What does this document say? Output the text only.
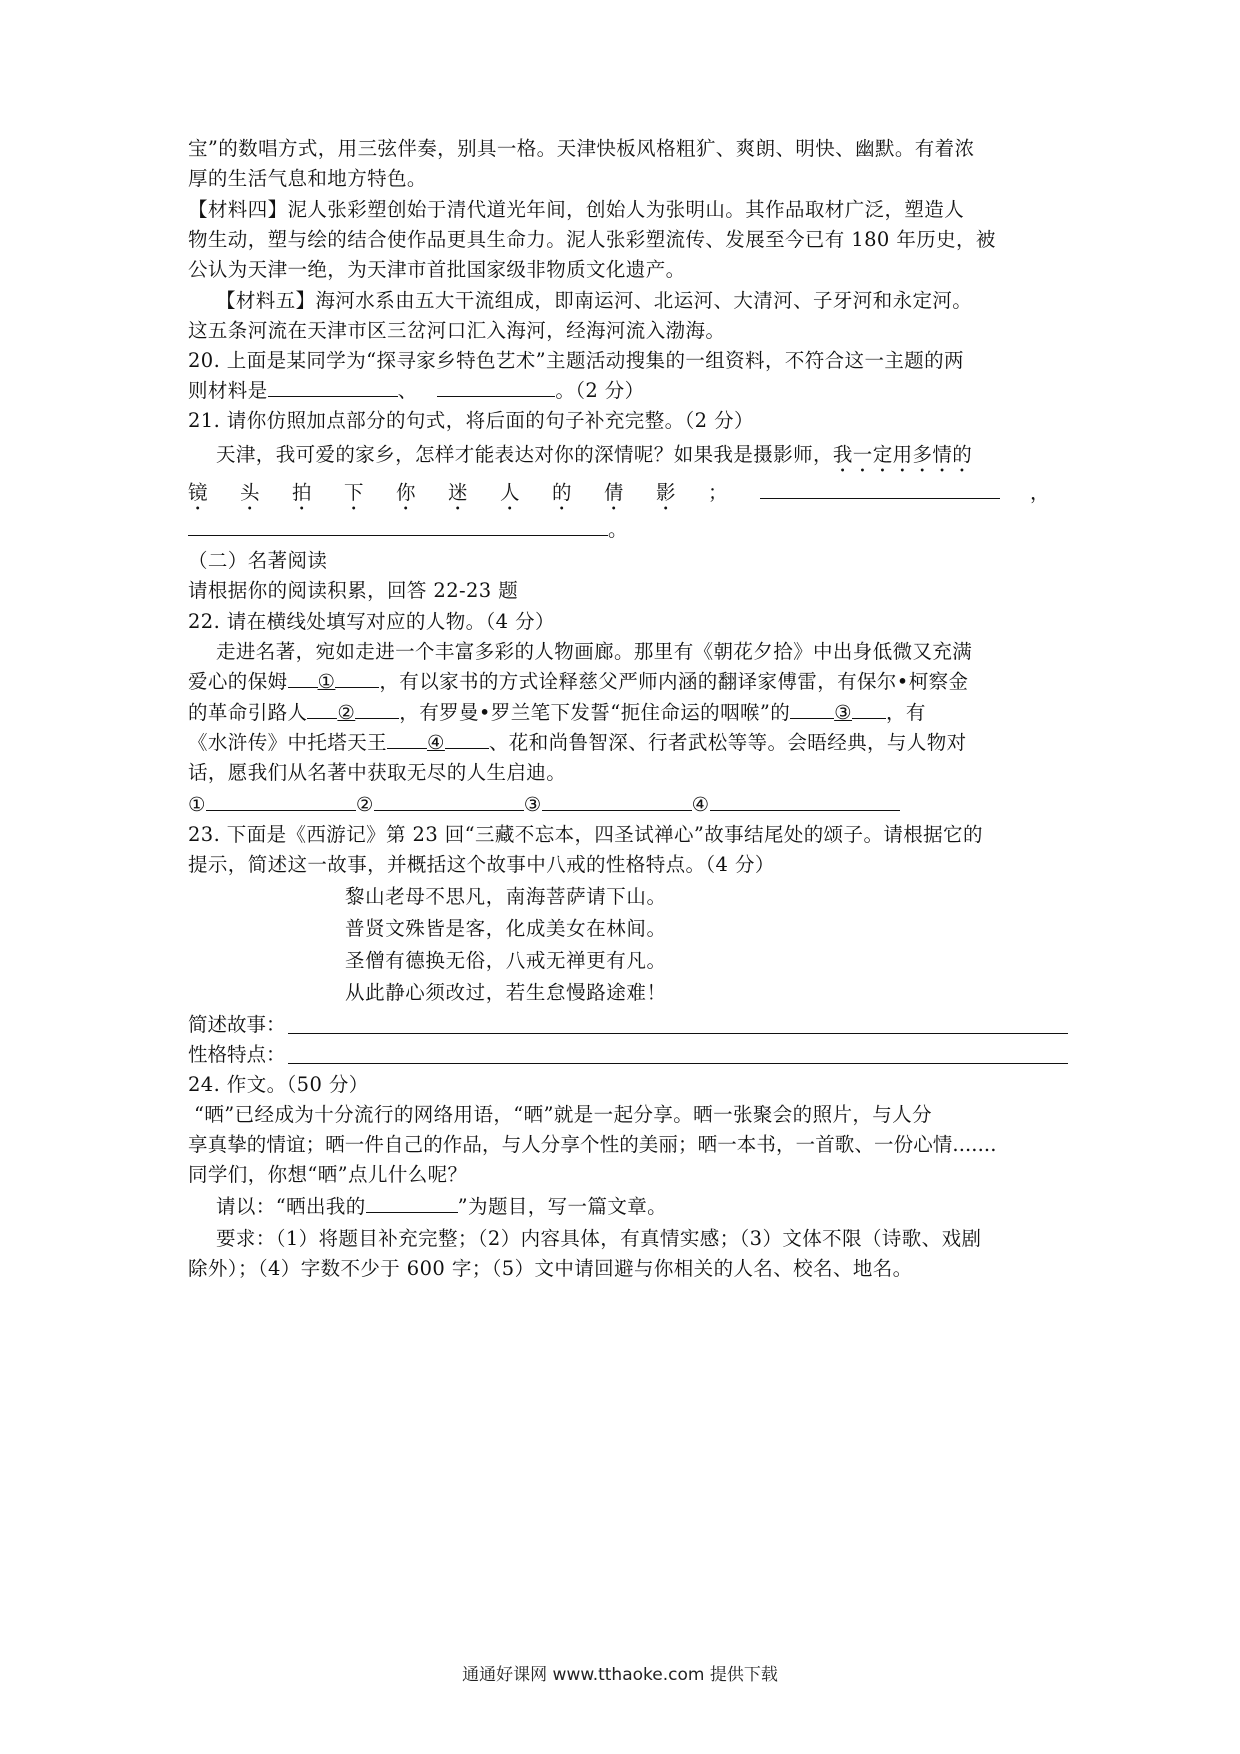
宝”的数唱方式，用三弦伴奏，别具一格。天津快板风格粗犷、爽朗、明快、幽默。有着浓
厚的生活气息和地方特色。
【材料四】泥人张彩塑创始于清代道光年间，创始人为张明山。其作品取材广泛，塑造人
物生动，塑与绘的结合使作品更具生命力。泥人张彩塑流传、发展至今已有 180 年历史，被
公认为天津一绝，为天津市首批国家级非物质文化遗产。
【材料五】海河水系由五大干流组成，即南运河、北运河、大清河、子牙河和永定河。
这五条河流在天津市区三岔河口汇入海河，经海河流入渤海。
20. 上面是某同学为“探寻家乡特色艺术”主题活动搜集的一组资料，不符合这一主题的两
则材料是	、	。（2 分）
21. 请你仿照加点部分的句式，将后面的句子补充完整。（2 分）
天津，我可爱的家乡，怎样才能表达对你的深情呢？如果我是摄影师，我一定用多情的
镜 头 拍 下 你 迷 人 的 倩 影 ；	，
。
（二）名著阅读
请根据你的阅读积累，回答 22-23 题
22. 请在横线处填写对应的人物。（4 分）
走进名著，宛如走进一个丰富多彩的人物画廊。那里有《朝花夕拾》中出身低微又充满
爱心的保姆 ① ，有以家书的方式诠释慈父严师内涵的翻译家傅雷，有保尔•柯察金
的革命引路人 ② ，有罗曼•罗兰笔下发誓“扼住命运的咽喉”的 ③ ，有
《水浒传》中托塔天王 ④ 、花和尚鲁智深、行者武松等等。会晤经典，与人物对
话，愿我们从名著中获取无尽的人生启迪。
①	②	③	④
23. 下面是《西游记》第 23 回“三藏不忘本，四圣试禅心”故事结尾处的颂子。请根据它的
提示，简述这一故事，并概括这个故事中八戒的性格特点。（4 分）
黎山老母不思凡，南海菩萨请下山。
普贤文殊皆是客，化成美女在林间。
圣僧有德换无俗，八戒无禅更有凡。
从此静心须改过，若生怠慢路途难！
简述故事：
性格特点：
24. 作文。（50 分）
“晒”已经成为十分流行的网络用语，“晒”就是一起分享。晒一张聚会的照片，与人分
享真挚的情谊；晒一件自己的作品，与人分享个性的美丽；晒一本书，一首歌、一份心情.......
同学们，你想“晒”点儿什么呢？
请以：“晒出我的	”为题目，写一篇文章。
要求：（1）将题目补充完整；（2）内容具体，有真情实感；（3）文体不限（诗歌、戏剧
除外）；（4）字数不少于 600 字；（5）文中请回避与你相关的人名、校名、地名。
通通好课网 www.tthaoke.com 提供下载
